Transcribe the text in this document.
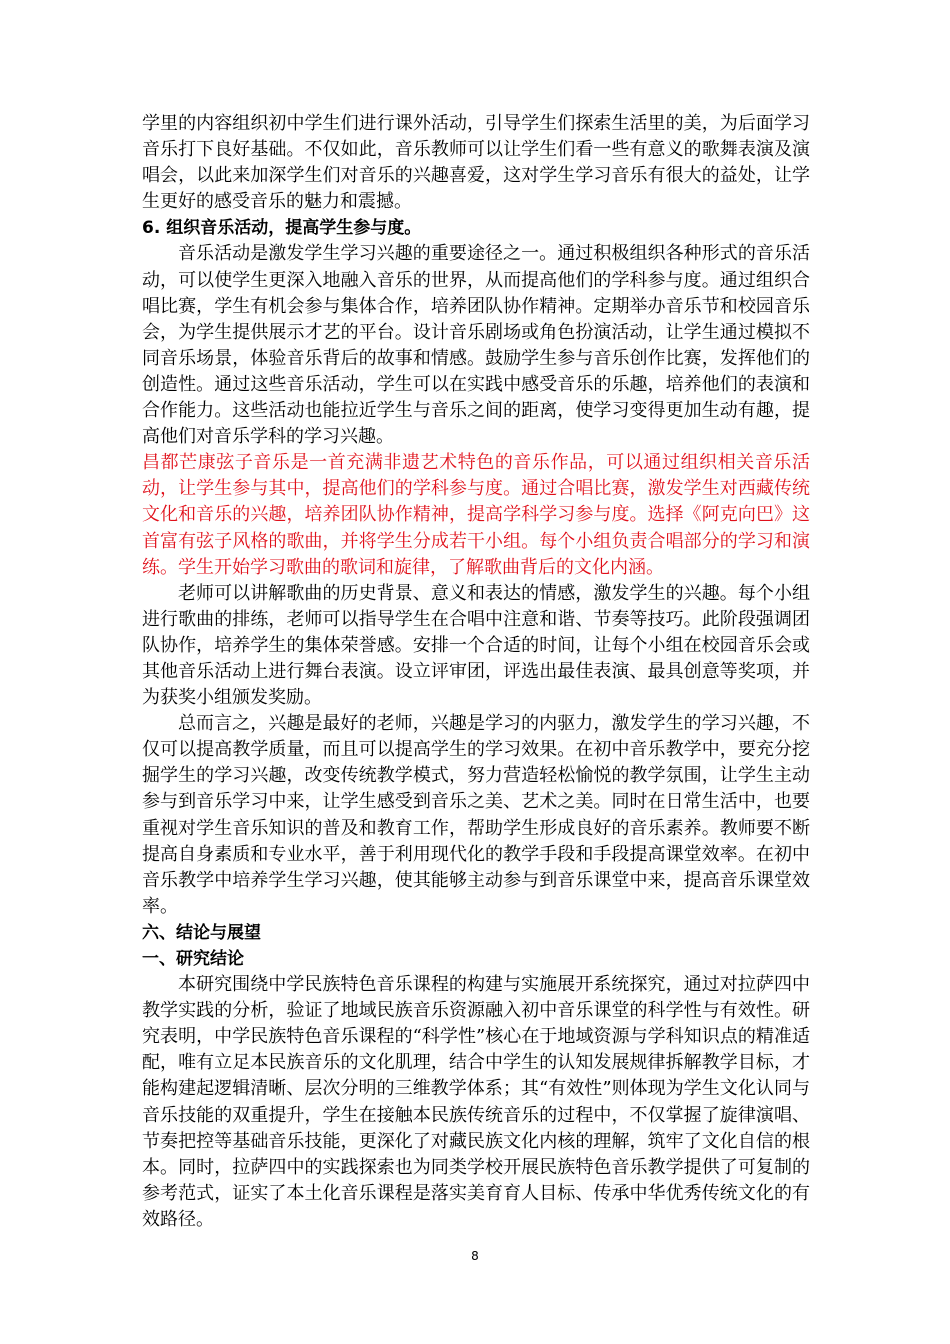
学里的内容组织初中学生们进行课外活动，引导学生们探索生活里的美，为后面学习音乐打下良好基础。不仅如此，音乐教师可以让学生们看一些有意义的歌舞表演及演唱会，以此来加深学生们对音乐的兴趣喜爱，这对学生学习音乐有很大的益处，让学生更好的感受音乐的魅力和震撼。

6. 组织音乐活动，提高学生参与度。

音乐活动是激发学生学习兴趣的重要途径之一。通过积极组织各种形式的音乐活动，可以使学生更深入地融入音乐的世界，从而提高他们的学科参与度。通过组织合唱比赛，学生有机会参与集体合作，培养团队协作精神。定期举办音乐节和校园音乐会，为学生提供展示才艺的平台。设计音乐剧场或角色扮演活动，让学生通过模拟不同音乐场景，体验音乐背后的故事和情感。鼓励学生参与音乐创作比赛，发挥他们的创造性。通过这些音乐活动，学生可以在实践中感受音乐的乐趣，培养他们的表演和合作能力。这些活动也能拉近学生与音乐之间的距离，使学习变得更加生动有趣，提高他们对音乐学科的学习兴趣。

昌都芒康弦子音乐是一首充满非遗艺术特色的音乐作品，可以通过组织相关音乐活动，让学生参与其中，提高他们的学科参与度。通过合唱比赛，激发学生对西藏传统文化和音乐的兴趣，培养团队协作精神，提高学科学习参与度。选择《阿克向巴》这首富有弦子风格的歌曲，并将学生分成若干小组。每个小组负责合唱部分的学习和演练。学生开始学习歌曲的歌词和旋律，了解歌曲背后的文化内涵。

老师可以讲解歌曲的历史背景、意义和表达的情感，激发学生的兴趣。每个小组进行歌曲的排练，老师可以指导学生在合唱中注意和谐、节奏等技巧。此阶段强调团队协作，培养学生的集体荣誉感。安排一个合适的时间，让每个小组在校园音乐会或其他音乐活动上进行舞台表演。设立评审团，评选出最佳表演、最具创意等奖项，并为获奖小组颁发奖励。

总而言之，兴趣是最好的老师，兴趣是学习的内驱力，激发学生的学习兴趣，不仅可以提高教学质量，而且可以提高学生的学习效果。在初中音乐教学中，要充分挖掘学生的学习兴趣，改变传统教学模式，努力营造轻松愉悦的教学氛围，让学生主动参与到音乐学习中来，让学生感受到音乐之美、艺术之美。同时在日常生活中，也要重视对学生音乐知识的普及和教育工作，帮助学生形成良好的音乐素养。教师要不断提高自身素质和专业水平，善于利用现代化的教学手段和手段提高课堂效率。在初中音乐教学中培养学生学习兴趣，使其能够主动参与到音乐课堂中来，提高音乐课堂效率。

六、结论与展望

一、研究结论

本研究围绕中学民族特色音乐课程的构建与实施展开系统探究，通过对拉萨四中教学实践的分析，验证了地域民族音乐资源融入初中音乐课堂的科学性与有效性。研究表明，中学民族特色音乐课程的“科学性”核心在于地域资源与学科知识点的精准适配，唯有立足本民族音乐的文化肌理，结合中学生的认知发展规律拆解教学目标，才能构建起逻辑清晰、层次分明的三维教学体系；其“有效性”则体现为学生文化认同与音乐技能的双重提升，学生在接触本民族传统音乐的过程中，不仅掌握了旋律演唱、节奏把控等基础音乐技能，更深化了对藏民族文化内核的理解，筑牢了文化自信的根本。同时，拉萨四中的实践探索也为同类学校开展民族特色音乐教学提供了可复制的参考范式，证实了本土化音乐课程是落实美育育人目标、传承中华优秀传统文化的有效路径。

8
